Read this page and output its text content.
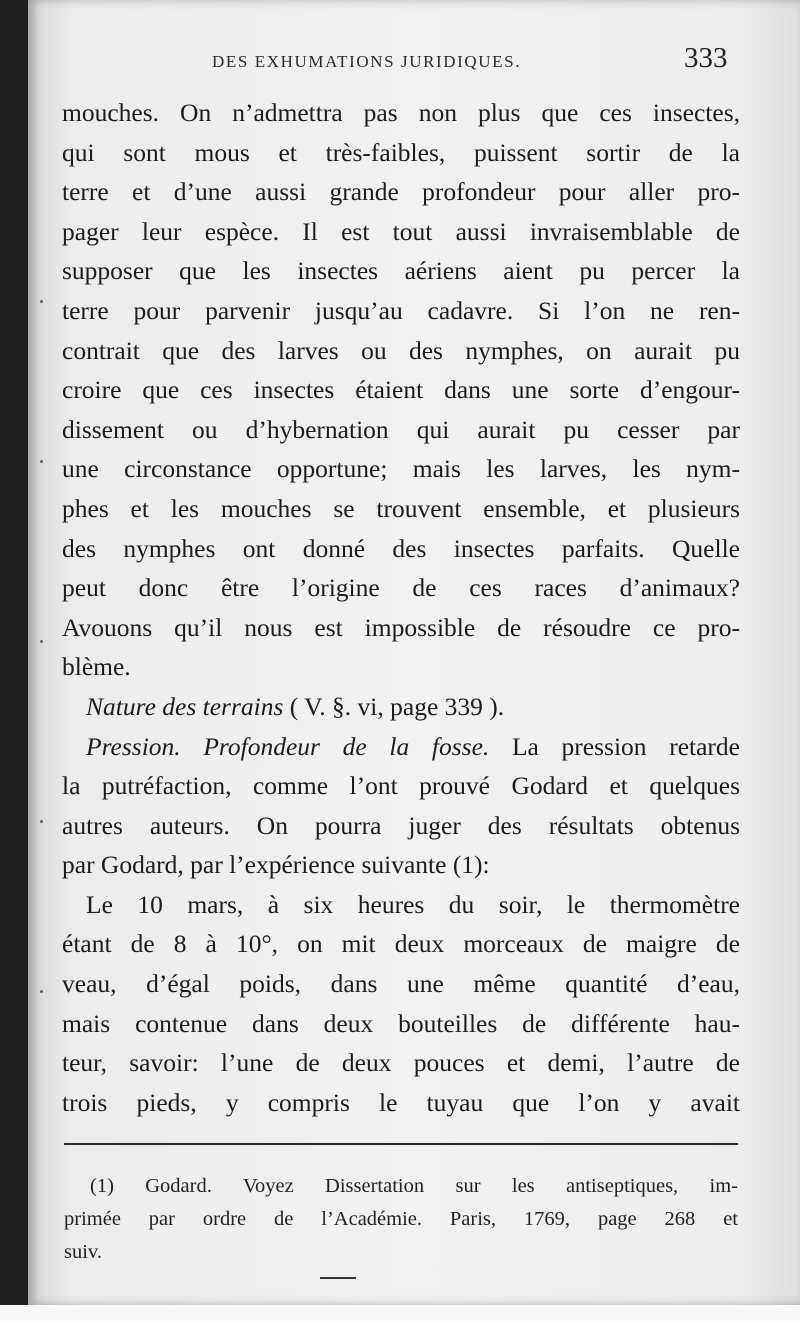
DES EXHUMATIONS JURIDIQUES.	333
mouches. On n’admettra pas non plus que ces insectes,
qui sont mous et très-faibles, puissent sortir de la
terre et d’une aussi grande profondeur pour aller pro-
pager leur espèce. Il est tout aussi invraisemblable de
supposer que les insectes aériens aient pu percer la
terre pour parvenir jusqu’au cadavre. Si l’on ne ren-
contrait que des larves ou des nymphes, on aurait pu
croire que ces insectes étaient dans une sorte d’engour-
dissement ou d’hybernation qui aurait pu cesser par
une circonstance opportune; mais les larves, les nym-
phes et les mouches se trouvent ensemble, et plusieurs
des nymphes ont donné des insectes parfaits. Quelle
peut donc être l’origine de ces races d’animaux?
Avouons qu’il nous est impossible de résoudre ce pro-
blème.
Nature des terrains ( V. §. vi, page 339 ).
Pression. Profondeur de la fosse. La pression retarde
la putréfaction, comme l’ont prouvé Godard et quelques
autres auteurs. On pourra juger des résultats obtenus
par Godard, par l’expérience suivante (1):
Le 10 mars, à six heures du soir, le thermomètre
étant de 8 à 10°, on mit deux morceaux de maigre de
veau, d’égal poids, dans une même quantité d’eau,
mais contenue dans deux bouteilles de différente hau-
teur, savoir: l’une de deux pouces et demi, l’autre de
trois pieds, y compris le tuyau que l’on y avait
(1) Godard. Voyez Dissertation sur les antiseptiques, im-
primée par ordre de l’Académie. Paris, 1769, page 268 et
suiv.
